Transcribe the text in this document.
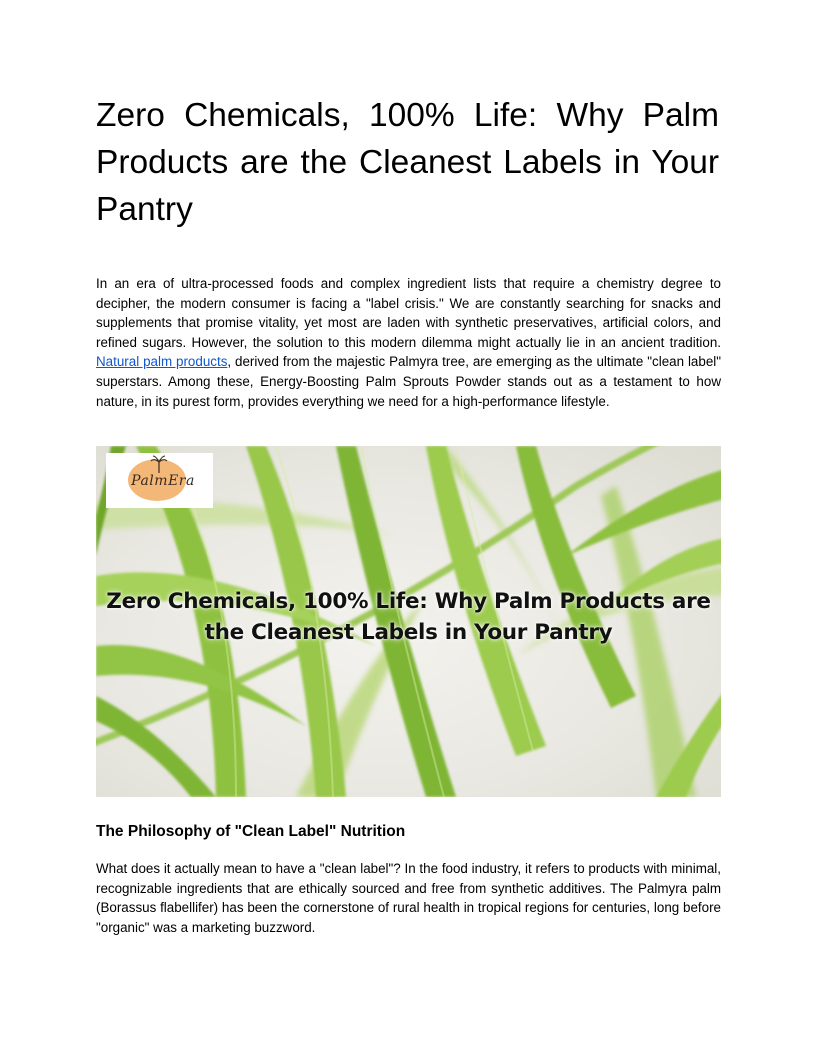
Zero Chemicals, 100% Life: Why Palm Products are the Cleanest Labels in Your Pantry

In an era of ultra-processed foods and complex ingredient lists that require a chemistry degree to decipher, the modern consumer is facing a "label crisis." We are constantly searching for snacks and supplements that promise vitality, yet most are laden with synthetic preservatives, artificial colors, and refined sugars. However, the solution to this modern dilemma might actually lie in an ancient tradition. Natural palm products, derived from the majestic Palmyra tree, are emerging as the ultimate "clean label" superstars. Among these, Energy-Boosting Palm Sprouts Powder stands out as a testament to how nature, in its purest form, provides everything we need for a high-performance lifestyle.

PalmEra
Zero Chemicals, 100% Life: Why Palm Products are
the Cleanest Labels in Your Pantry
The Philosophy of "Clean Label" Nutrition

What does it actually mean to have a "clean label"? In the food industry, it refers to products with minimal, recognizable ingredients that are ethically sourced and free from synthetic additives. The Palmyra palm (Borassus flabellifer) has been the cornerstone of rural health in tropical regions for centuries, long before "organic" was a marketing buzzword.
